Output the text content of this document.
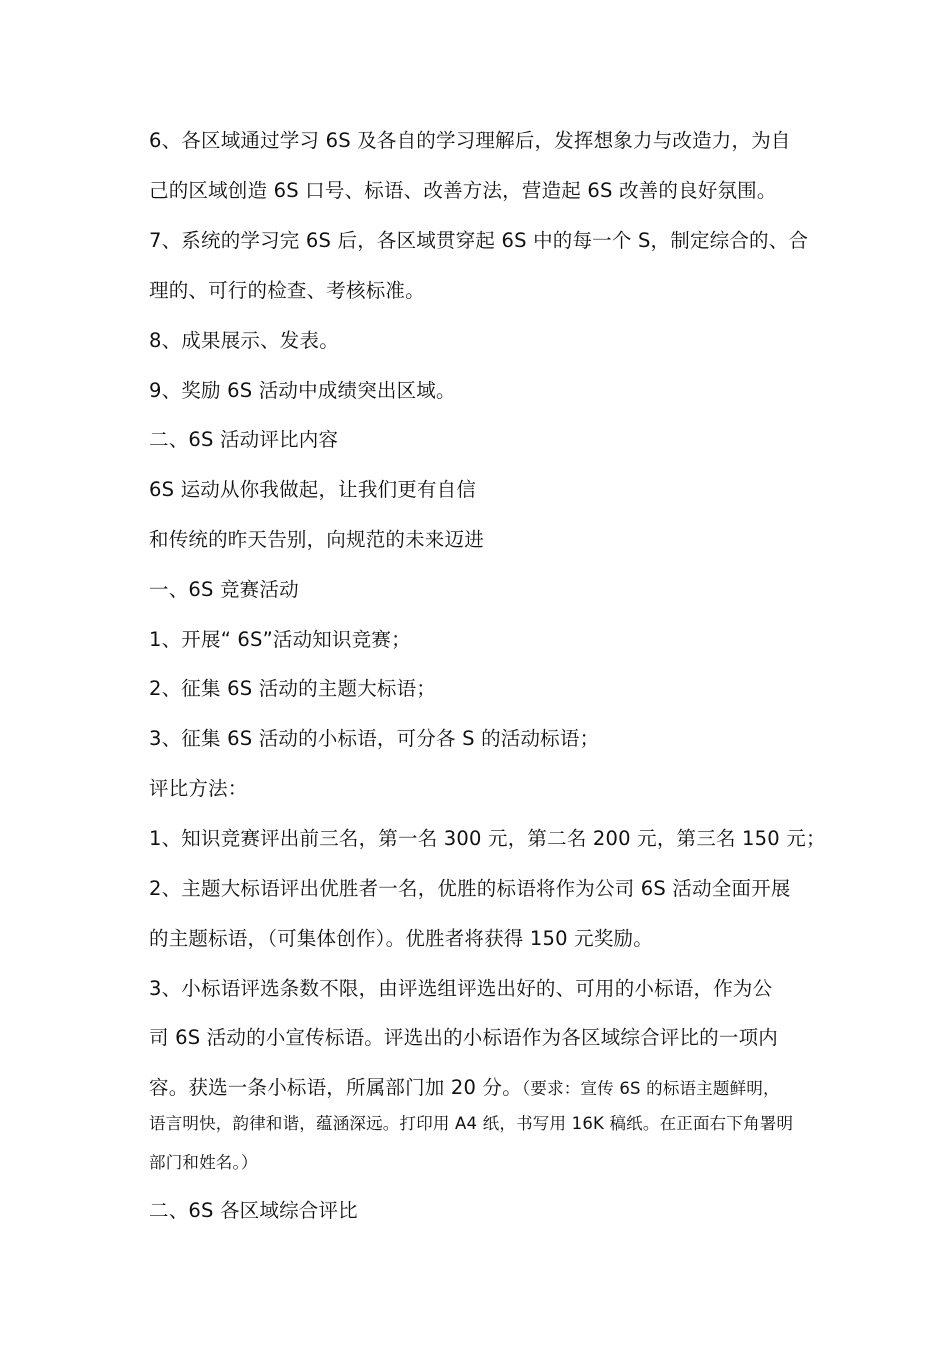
6、各区域通过学习 6S 及各自的学习理解后，发挥想象力与改造力，为自
己的区域创造 6S 口号、标语、改善方法，营造起 6S 改善的良好氛围。
7、系统的学习完 6S 后，各区域贯穿起 6S 中的每一个 S，制定综合的、合
理的、可行的检查、考核标准。
8、成果展示、发表。
9、奖励 6S 活动中成绩突出区域。
二、6S 活动评比内容
6S 运动从你我做起，让我们更有自信
和传统的昨天告别，向规范的未来迈进
一、6S 竞赛活动
1、开展“ 6S”活动知识竞赛；
2、征集 6S 活动的主题大标语；
3、征集 6S 活动的小标语，可分各 S 的活动标语；
评比方法：
1、知识竞赛评出前三名，第一名 300 元，第二名 200 元，第三名 150 元；
2、主题大标语评出优胜者一名，优胜的标语将作为公司 6S 活动全面开展
的主题标语，（可集体创作）。优胜者将获得 150 元奖励。
3、小标语评选条数不限，由评选组评选出好的、可用的小标语，作为公
司 6S 活动的小宣传标语。评选出的小标语作为各区域综合评比的一项内
容。获选一条小标语，所属部门加 20 分。（要求：宣传 6S 的标语主题鲜明，
语言明快，韵律和谐，蕴涵深远。打印用 A4 纸，书写用 16K 稿纸。在正面右下角署明
部门和姓名。）
二、6S 各区域综合评比
